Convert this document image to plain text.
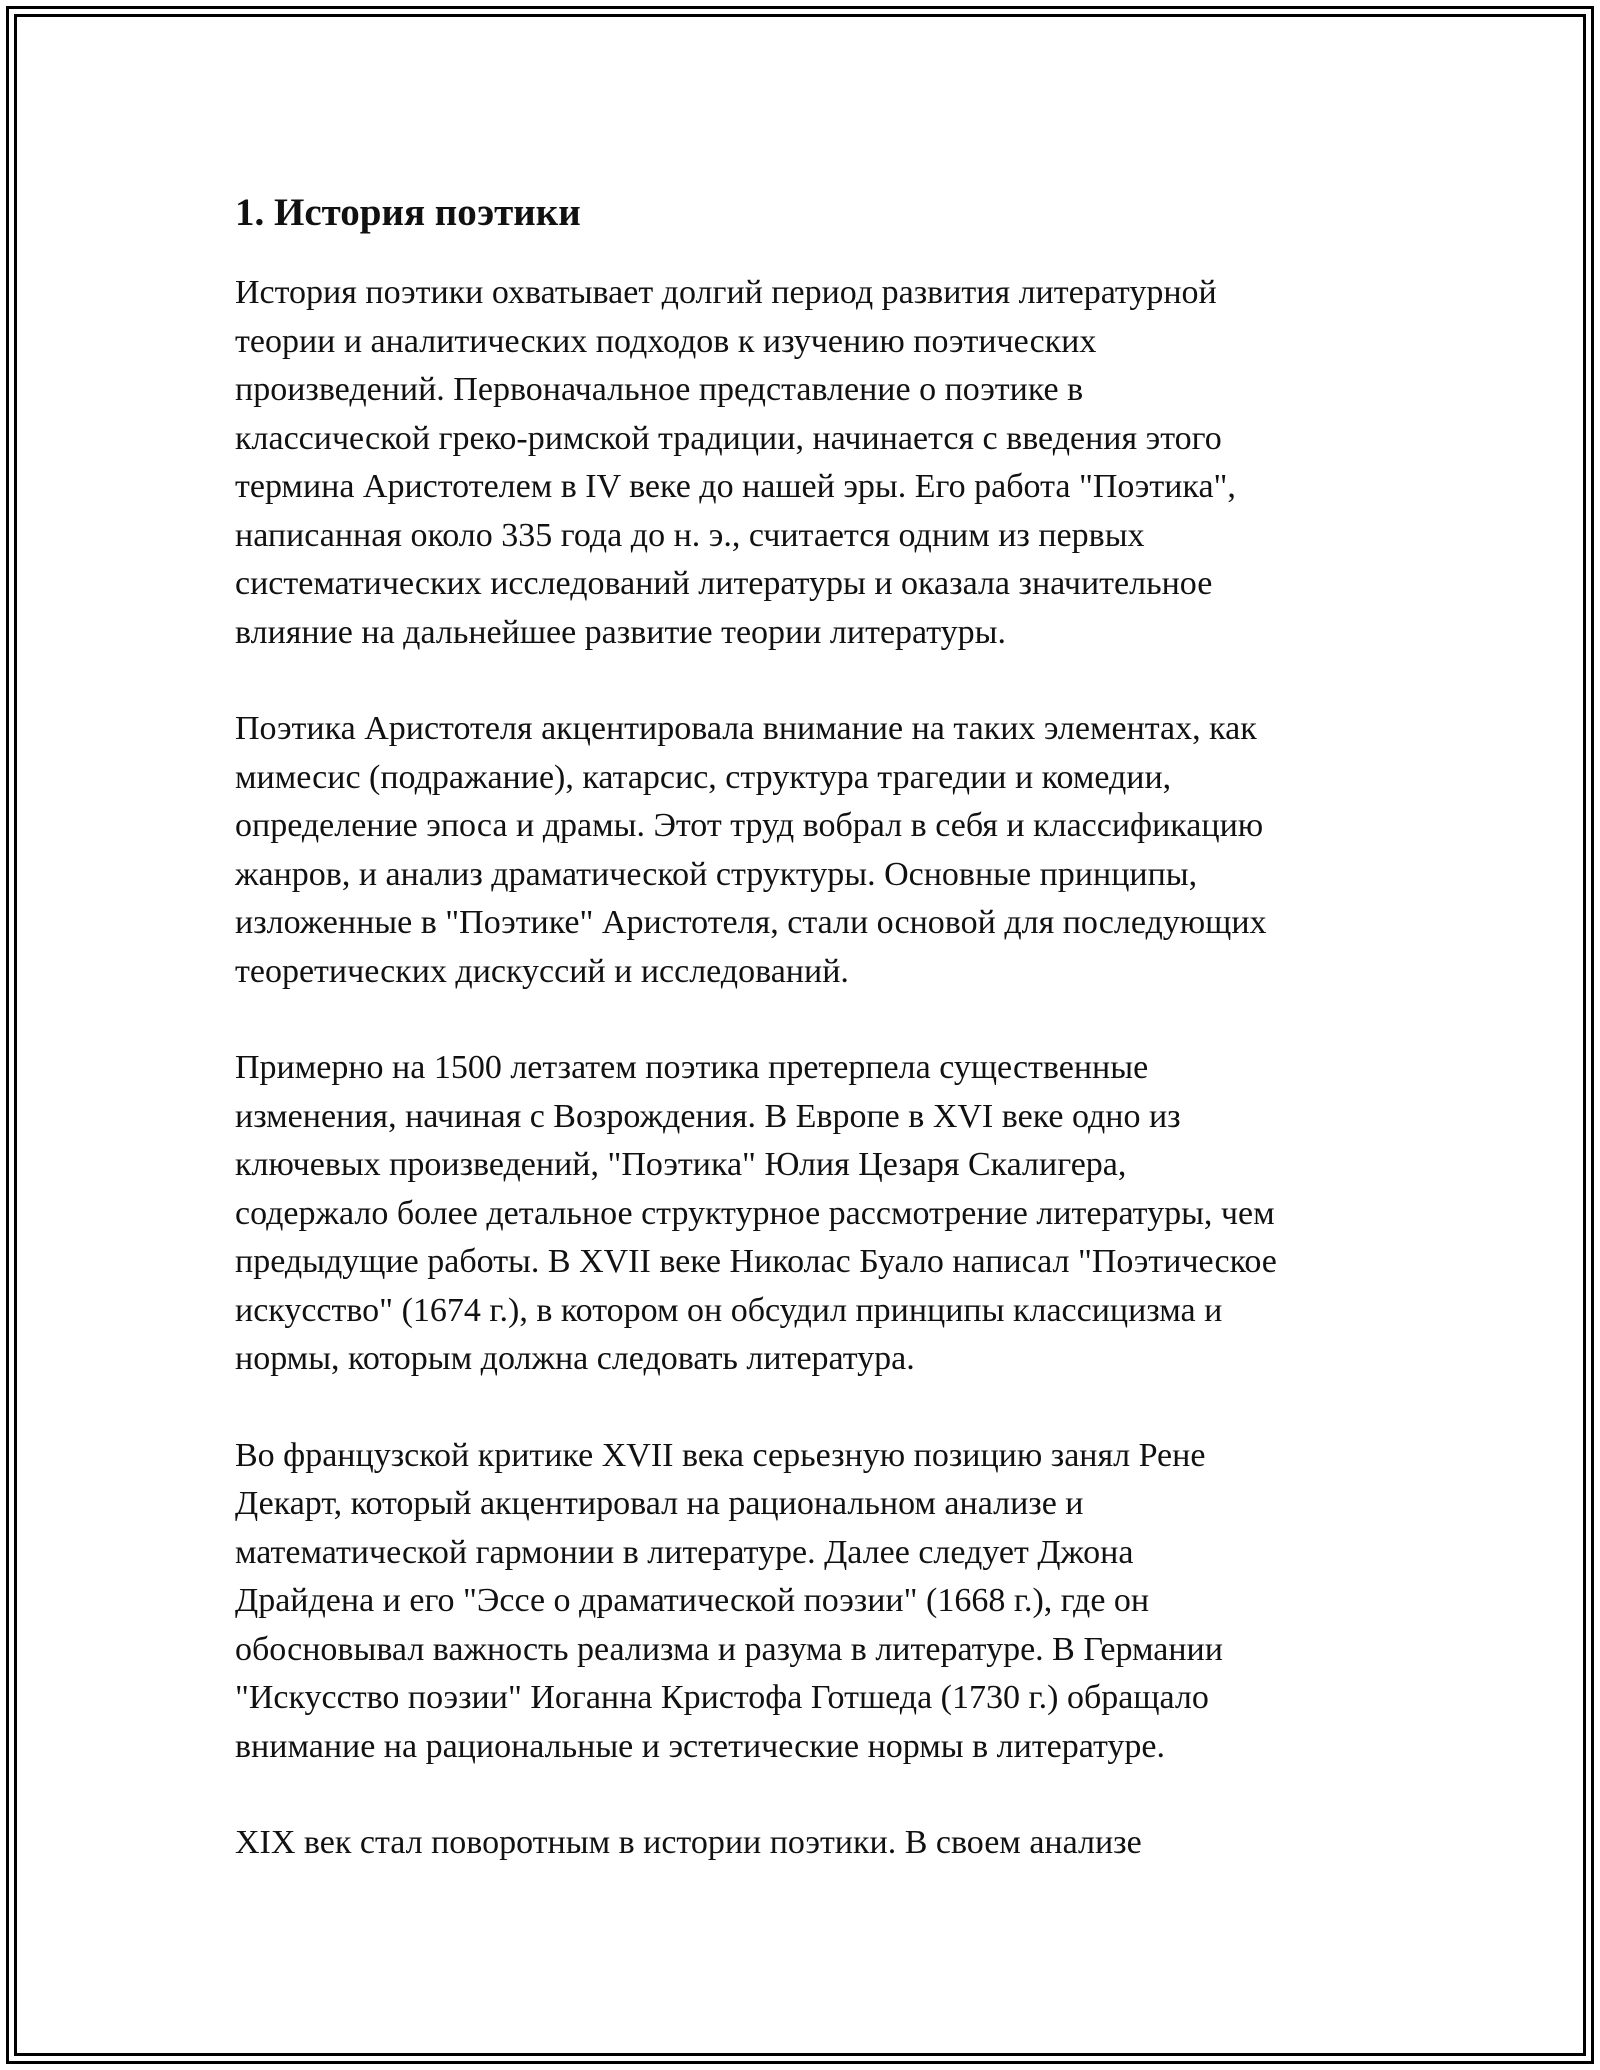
1. История поэтики

История поэтики охватывает долгий период развития литературной
теории и аналитических подходов к изучению поэтических
произведений. Первоначальное представление о поэтике в
классической греко-римской традиции, начинается с введения этого
термина Аристотелем в IV веке до нашей эры. Его работа "Поэтика",
написанная около 335 года до н. э., считается одним из первых
систематических исследований литературы и оказала значительное
влияние на дальнейшее развитие теории литературы.

Поэтика Аристотеля акцентировала внимание на таких элементах, как
мимесис (подражание), катарсис, структура трагедии и комедии,
определение эпоса и драмы. Этот труд вобрал в себя и классификацию
жанров, и анализ драматической структуры. Основные принципы,
изложенные в "Поэтике" Аристотеля, стали основой для последующих
теоретических дискуссий и исследований.

Примерно на 1500 летзатем поэтика претерпела существенные
изменения, начиная с Возрождения. В Европе в XVI веке одно из
ключевых произведений, "Поэтика" Юлия Цезаря Скалигера,
содержало более детальное структурное рассмотрение литературы, чем
предыдущие работы. В XVII веке Николас Буало написал "Поэтическое
искусство" (1674 г.), в котором он обсудил принципы классицизма и
нормы, которым должна следовать литература.

Во французской критике XVII века серьезную позицию занял Рене
Декарт, который акцентировал на рациональном анализе и
математической гармонии в литературе. Далее следует Джона
Драйдена и его "Эссе о драматической поэзии" (1668 г.), где он
обосновывал важность реализма и разума в литературе. В Германии
"Искусство поэзии" Иоганна Кристофа Готшеда (1730 г.) обращало
внимание на рациональные и эстетические нормы в литературе.

XIX век стал поворотным в истории поэтики. В своем анализе
